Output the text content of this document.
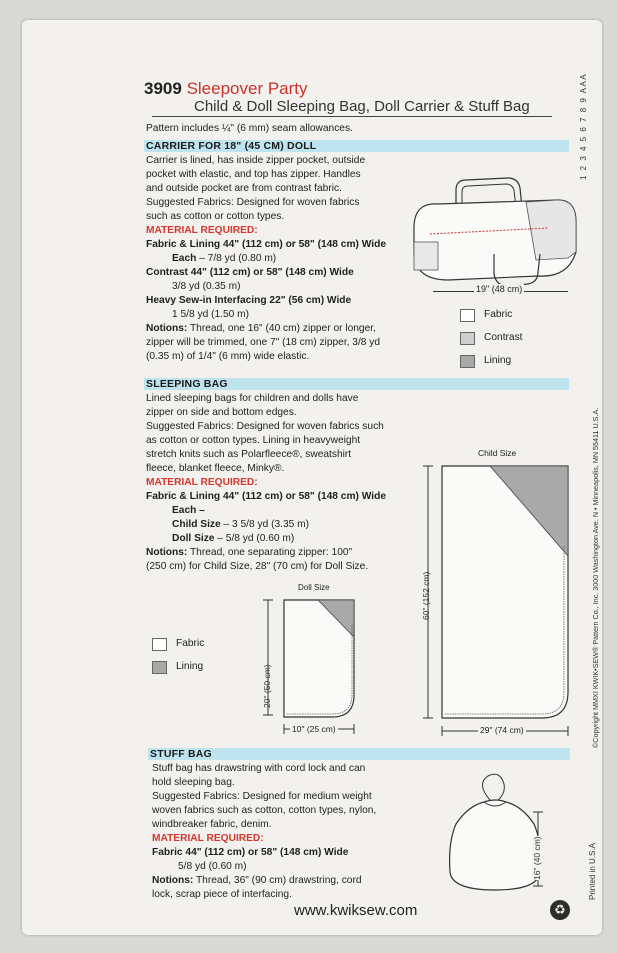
3909 Sleepover Party
Child & Doll Sleeping Bag, Doll Carrier & Stuff Bag
Pattern includes ¼" (6 mm) seam allowances.
CARRIER FOR 18" (45 CM) DOLL
Carrier is lined, has inside zipper pocket, outside
pocket with elastic, and top has zipper. Handles
and outside pocket are from contrast fabric.
Suggested Fabrics: Designed for woven fabrics
such as cotton or cotton types.
MATERIAL REQUIRED:
Fabric & Lining 44" (112 cm) or 58" (148 cm) Wide
Each – 7/8 yd (0.80 m)
Contrast 44" (112 cm) or 58" (148 cm) Wide
3/8 yd (0.35 m)
Heavy Sew-in Interfacing 22" (56 cm) Wide
1 5/8 yd (1.50 m)
Notions: Thread, one 16" (40 cm) zipper or longer,
zipper will be trimmed, one 7" (18 cm) zipper, 3/8 yd
(0.35 m) of 1/4" (6 mm) wide elastic.
19" (48 cm)
Fabric
Contrast
Lining
SLEEPING BAG
Lined sleeping bags for children and dolls have
zipper on side and bottom edges.
Suggested Fabrics: Designed for woven fabrics such
as cotton or cotton types. Lining in heavyweight
stretch knits such as Polarfleece®, sweatshirt
fleece, blanket fleece, Minky®.
MATERIAL REQUIRED:
Fabric & Lining 44" (112 cm) or 58" (148 cm) Wide
Each –
Child Size – 3 5/8 yd (3.35 m)
Doll Size – 5/8 yd (0.60 m)
Notions: Thread, one separating zipper: 100"
(250 cm) for Child Size, 28" (70 cm) for Doll Size.
Fabric
Lining
Doll Size
20" (50 cm)
10" (25 cm)
Child Size
60" (152 cm)
29" (74 cm)
STUFF BAG
Stuff bag has drawstring with cord lock and can
hold sleeping bag.
Suggested Fabrics: Designed for medium weight
woven fabrics such as cotton, cotton types, nylon,
windbreaker fabric, denim.
MATERIAL REQUIRED:
Fabric 44" (112 cm) or 58" (148 cm) Wide
5/8 yd (0.60 m)
Notions: Thread, 36" (90 cm) drawstring, cord
lock, scrap piece of interfacing.
16" (40 cm)
1 2 3 4 5 6 7 8 9 AAA
©Copyright MMXI KWIK•SEW® Pattern Co., Inc. 3000 Washington Ave. N • Minneapolis, MN 55411 U.S.A.
Printed in U.S.A
www.kwiksew.com	♻
